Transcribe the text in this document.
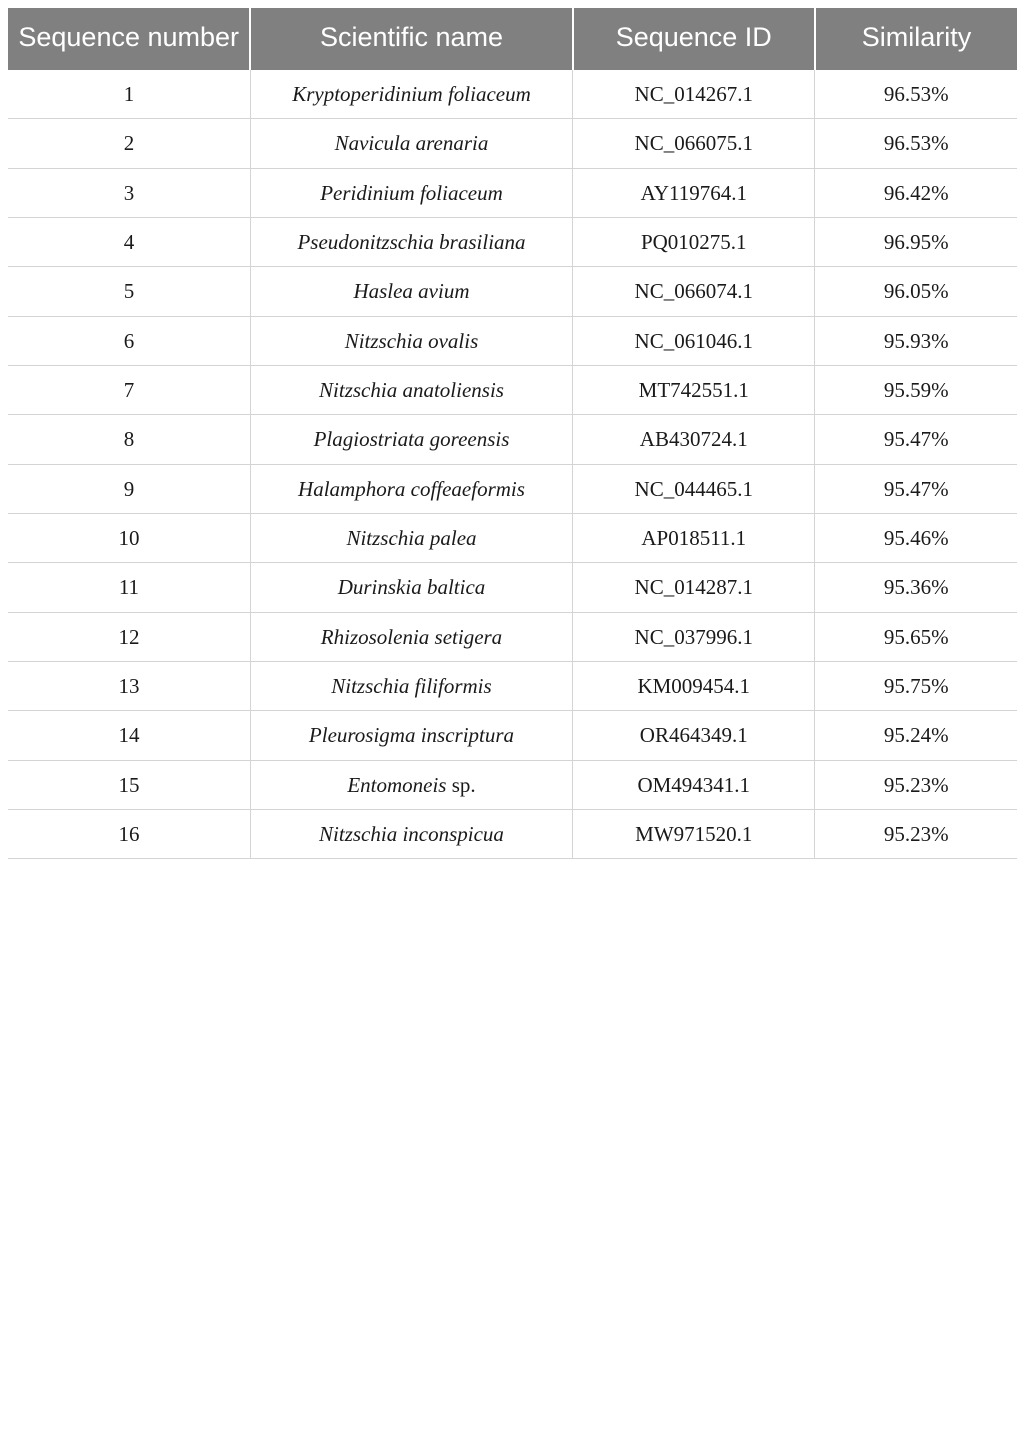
Sequence number	Scientific name	Sequence ID	Similarity
1	Kryptoperidinium foliaceum	NC_014267.1	96.53%
2	Navicula arenaria	NC_066075.1	96.53%
3	Peridinium foliaceum	AY119764.1	96.42%
4	Pseudonitzschia brasiliana	PQ010275.1	96.95%
5	Haslea avium	NC_066074.1	96.05%
6	Nitzschia ovalis	NC_061046.1	95.93%
7	Nitzschia anatoliensis	MT742551.1	95.59%
8	Plagiostriata goreensis	AB430724.1	95.47%
9	Halamphora coffeaeformis	NC_044465.1	95.47%
10	Nitzschia palea	AP018511.1	95.46%
11	Durinskia baltica	NC_014287.1	95.36%
12	Rhizosolenia setigera	NC_037996.1	95.65%
13	Nitzschia filiformis	KM009454.1	95.75%
14	Pleurosigma inscriptura	OR464349.1	95.24%
15	Entomoneis sp.	OM494341.1	95.23%
16	Nitzschia inconspicua	MW971520.1	95.23%
